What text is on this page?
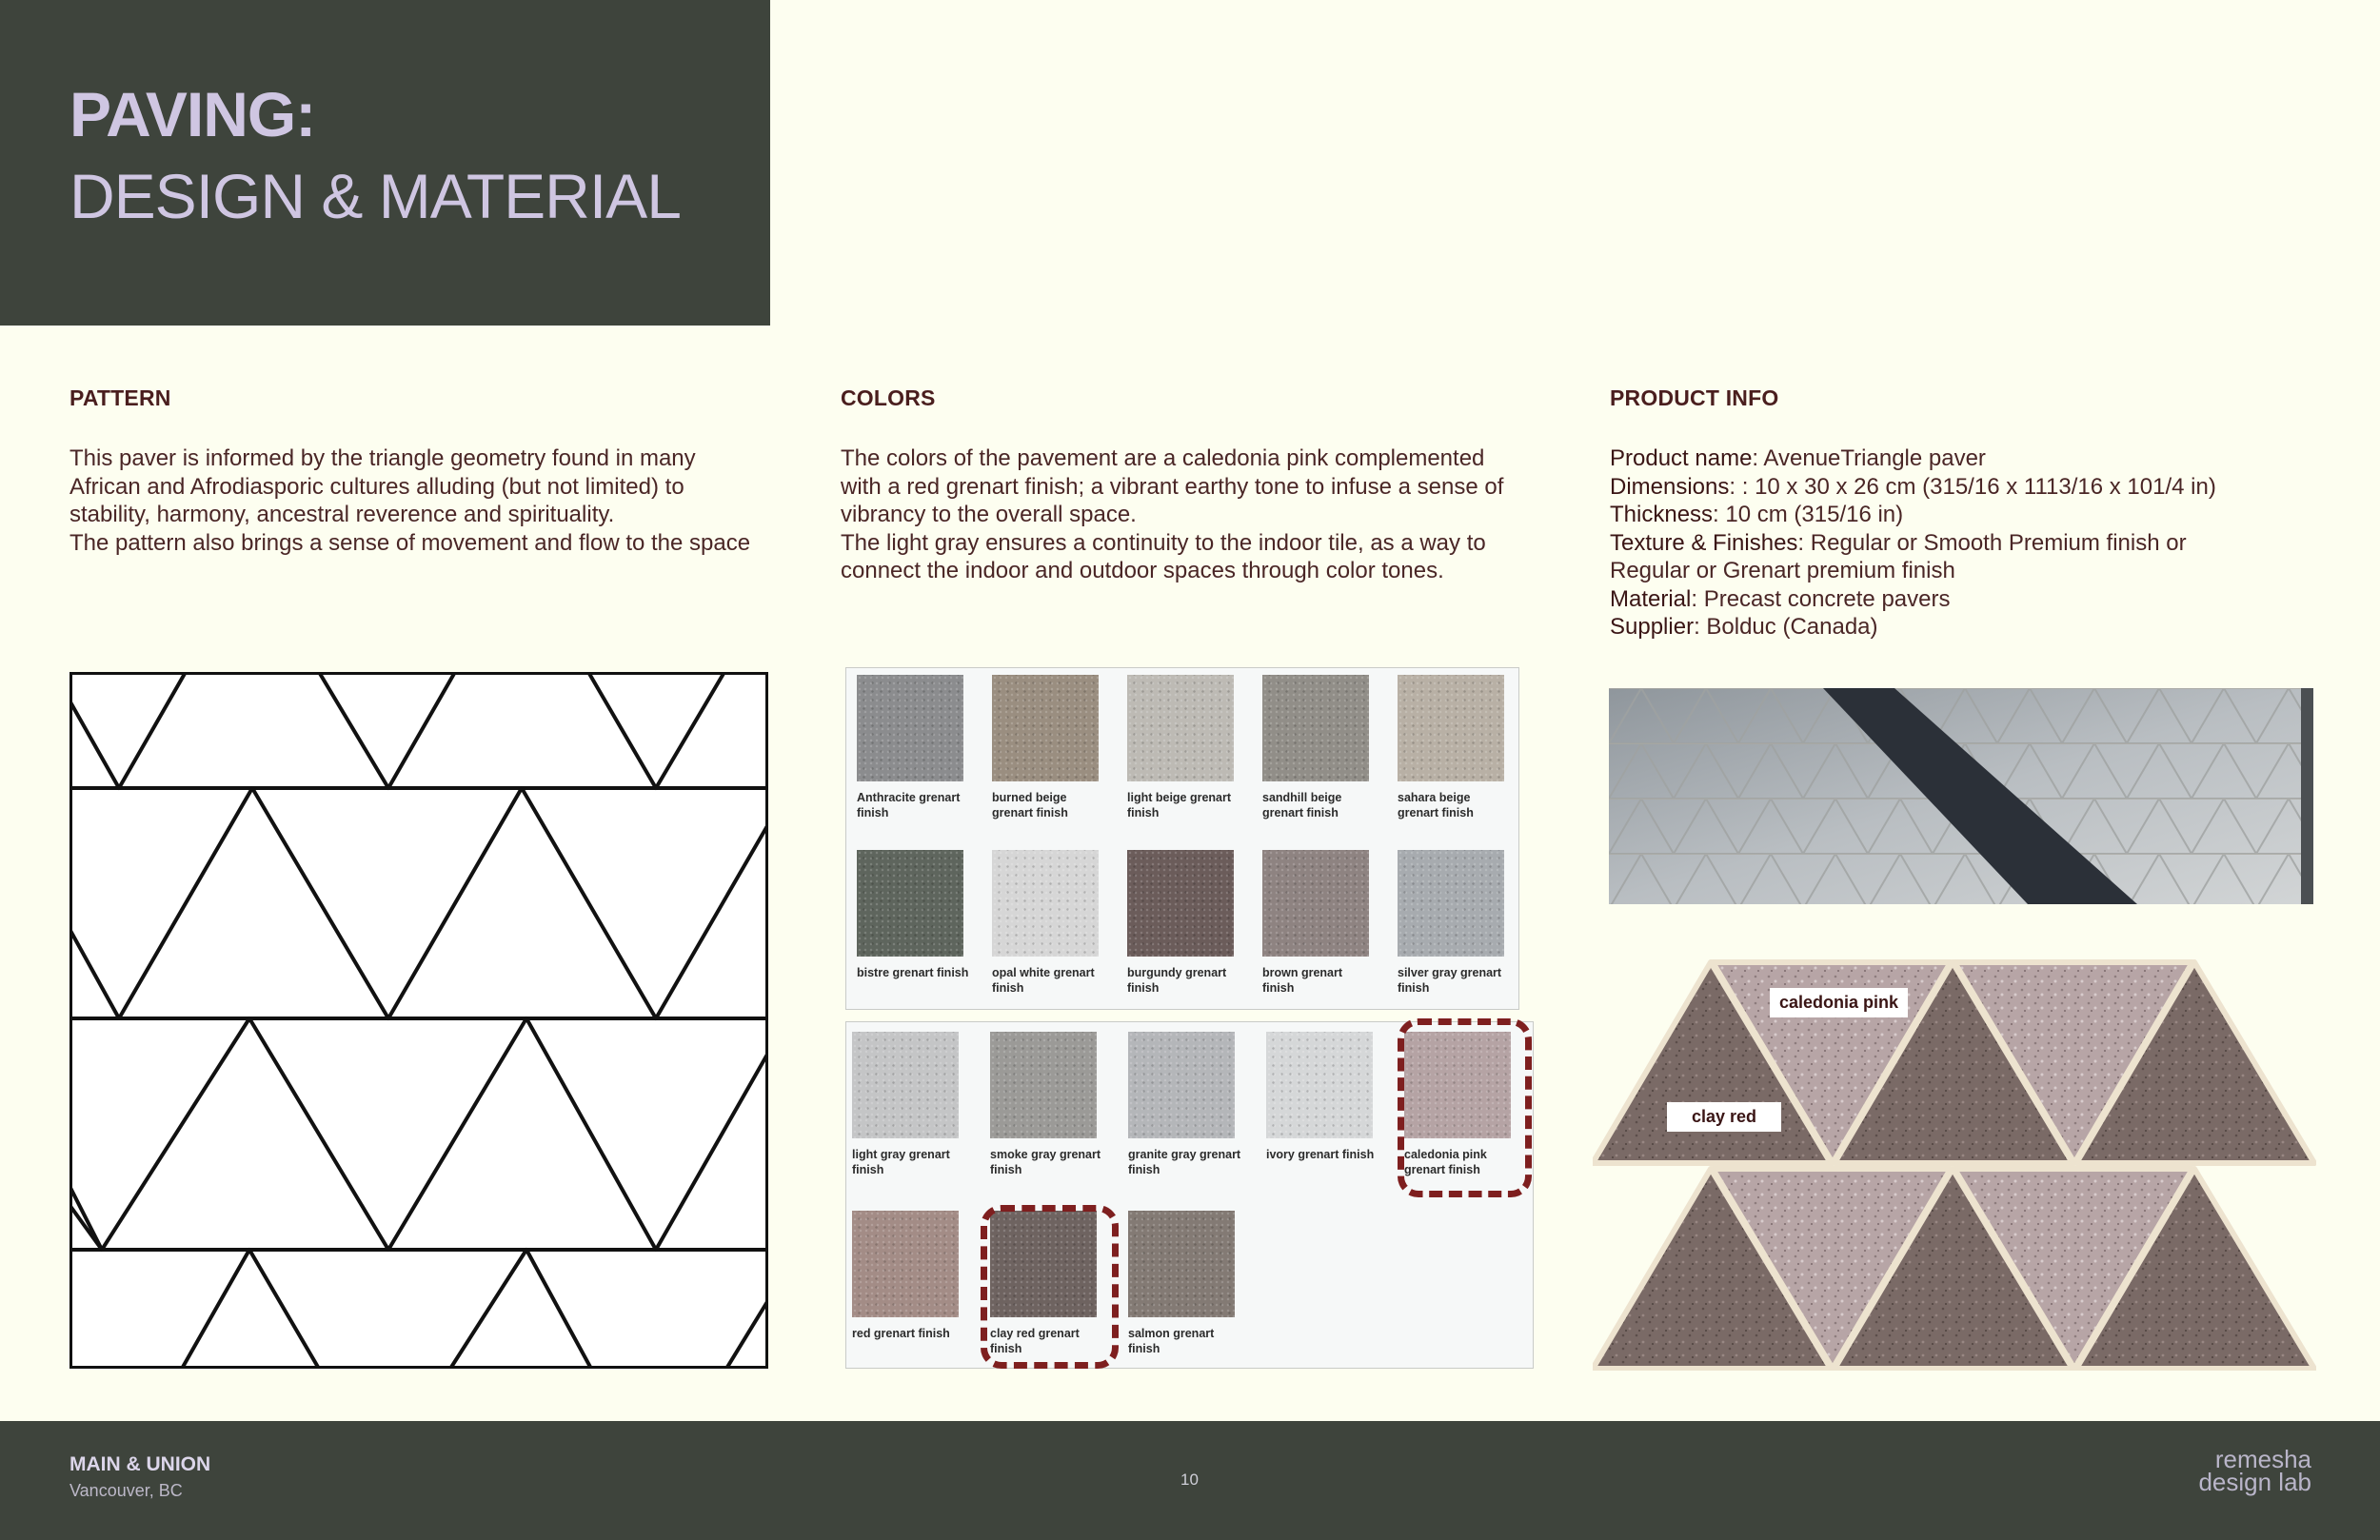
PAVING:
DESIGN & MATERIAL
PATTERN

This paver is informed by the triangle geometry found in many

African and Afrodiasporic cultures alluding (but not limited) to

stability, harmony, ancestral reverence and spirituality.

The pattern also brings a sense of movement and flow to the space

COLORS

The colors of the pavement are a caledonia pink complemented

with a red grenart finish; a vibrant earthy tone to infuse a sense of

vibrancy to the overall space.

The light gray ensures a continuity to the indoor tile, as a way to

connect the indoor and outdoor spaces through color tones.

PRODUCT INFO

Product name: AvenueTriangle paver

Dimensions: : 10 x 30 x 26 cm (315/16 x 1113/16 x 101/4 in)

Thickness: 10 cm (315/16 in)

Texture & Finishes: Regular or Smooth Premium finish or

Regular or Grenart premium finish

Material: Precast concrete pavers

Supplier: Bolduc (Canada)

Anthracite grenart finish
burned beige grenart finish
light beige grenart finish
sandhill beige grenart finish
sahara beige grenart finish
bistre grenart finish opal white grenart finish
burgundy grenart finish
brown grenart finish
silver gray grenart finish
light gray grenart finish
smoke gray grenart finish
granite gray grenart finish
ivory grenart finish	caledonia pink grenart finish
red grenart finish	clay red grenart finish
salmon grenart finish
caledonia pink
clay red
MAIN & UNION
Vancouver, BC
10
remesha
design lab
